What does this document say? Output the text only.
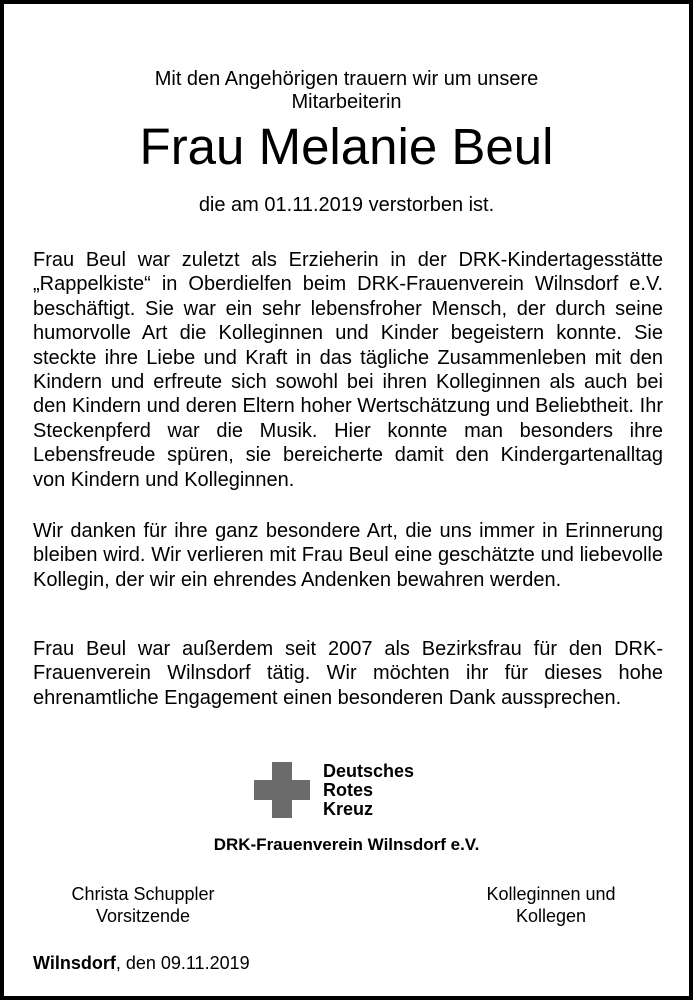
Mit den Angehörigen trauern wir um unsere
Mitarbeiterin
Frau Melanie Beul
die am 01.11.2019 verstorben ist.
Frau Beul war zuletzt als Erzieherin in der DRK-Kindertagesstätte „Rappelkiste“ in Oberdielfen beim DRK-Frauenverein Wilnsdorf e.V. beschäftigt. Sie war ein sehr lebensfroher Mensch, der durch seine humorvolle Art die Kolleginnen und Kinder begeistern konnte. Sie steckte ihre Liebe und Kraft in das tägliche Zusammenleben mit den Kindern und erfreute sich sowohl bei ihren Kolleginnen als auch bei den Kindern und deren Eltern hoher Wertschätzung und Beliebtheit. Ihr Steckenpferd war die Musik. Hier konnte man besonders ihre Lebensfreude spüren, sie bereicherte damit den Kindergartenalltag von Kindern und Kolleginnen.
Wir danken für ihre ganz besondere Art, die uns immer in Erinnerung bleiben wird. Wir verlieren mit Frau Beul eine geschätzte und liebevolle Kollegin, der wir ein ehrendes Andenken bewahren werden.
Frau Beul war außerdem seit 2007 als Bezirksfrau für den DRK-Frauenverein Wilnsdorf tätig. Wir möchten ihr für dieses hohe ehrenamtliche Engagement einen besonderen Dank aussprechen.
Deutsches
Rotes
Kreuz
DRK-Frauenverein Wilnsdorf e.V.
Christa Schuppler
Vorsitzende
Kolleginnen und
Kollegen
Wilnsdorf, den 09.11.2019
